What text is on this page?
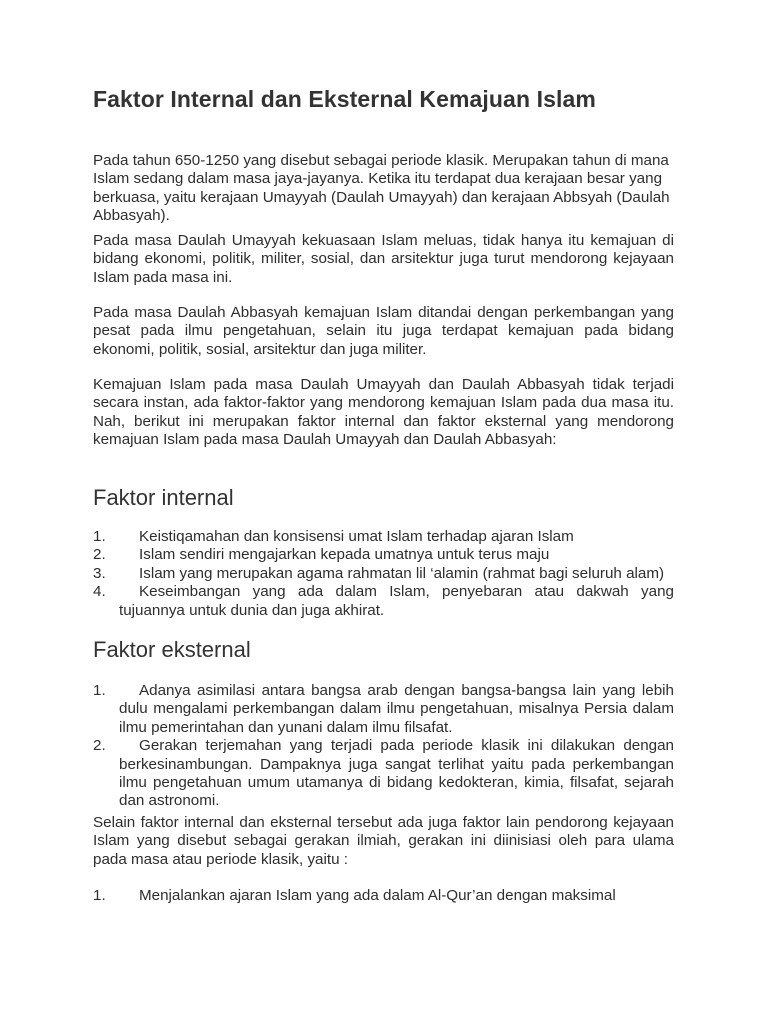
Faktor Internal dan Eksternal Kemajuan Islam

Pada tahun 650-1250 yang disebut sebagai periode klasik. Merupakan tahun di mana Islam sedang dalam masa jaya-jayanya. Ketika itu terdapat dua kerajaan besar yang berkuasa, yaitu kerajaan Umayyah (Daulah Umayyah) dan kerajaan Abbsyah (Daulah Abbasyah).

Pada masa Daulah Umayyah kekuasaan Islam meluas, tidak hanya itu kemajuan di bidang ekonomi, politik, militer, sosial, dan arsitektur juga turut mendorong kejayaan Islam pada masa ini.

Pada masa Daulah Abbasyah kemajuan Islam ditandai dengan perkembangan yang pesat pada ilmu pengetahuan, selain itu juga terdapat kemajuan pada bidang ekonomi, politik, sosial, arsitektur dan juga militer.

Kemajuan Islam pada masa Daulah Umayyah dan Daulah Abbasyah tidak terjadi secara instan, ada faktor-faktor yang mendorong kemajuan Islam pada dua masa itu. Nah, berikut ini merupakan faktor internal dan faktor eksternal yang mendorong kemajuan Islam pada masa Daulah Umayyah dan Daulah Abbasyah:

Faktor internal
1.	Keistiqamahan dan konsisensi umat Islam terhadap ajaran Islam
2.	Islam sendiri mengajarkan kepada umatnya untuk terus maju
3.	Islam yang merupakan agama rahmatan lil ‘alamin (rahmat bagi seluruh alam)
4.	Keseimbangan yang ada dalam Islam, penyebaran atau dakwah yang tujuannya untuk dunia dan juga akhirat.
Faktor eksternal
1.	Adanya asimilasi antara bangsa arab dengan bangsa-bangsa lain yang lebih dulu mengalami perkembangan dalam ilmu pengetahuan, misalnya Persia dalam ilmu pemerintahan dan yunani dalam ilmu filsafat.
2.	Gerakan terjemahan yang terjadi pada periode klasik ini dilakukan dengan berkesinambungan. Dampaknya juga sangat terlihat yaitu pada perkembangan ilmu pengetahuan umum utamanya di bidang kedokteran, kimia, filsafat, sejarah dan astronomi.

Selain faktor internal dan eksternal tersebut ada juga faktor lain pendorong kejayaan Islam yang disebut sebagai gerakan ilmiah, gerakan ini diinisiasi oleh para ulama pada masa atau periode klasik, yaitu :

1.	Menjalankan ajaran Islam yang ada dalam Al-Qur’an dengan maksimal
